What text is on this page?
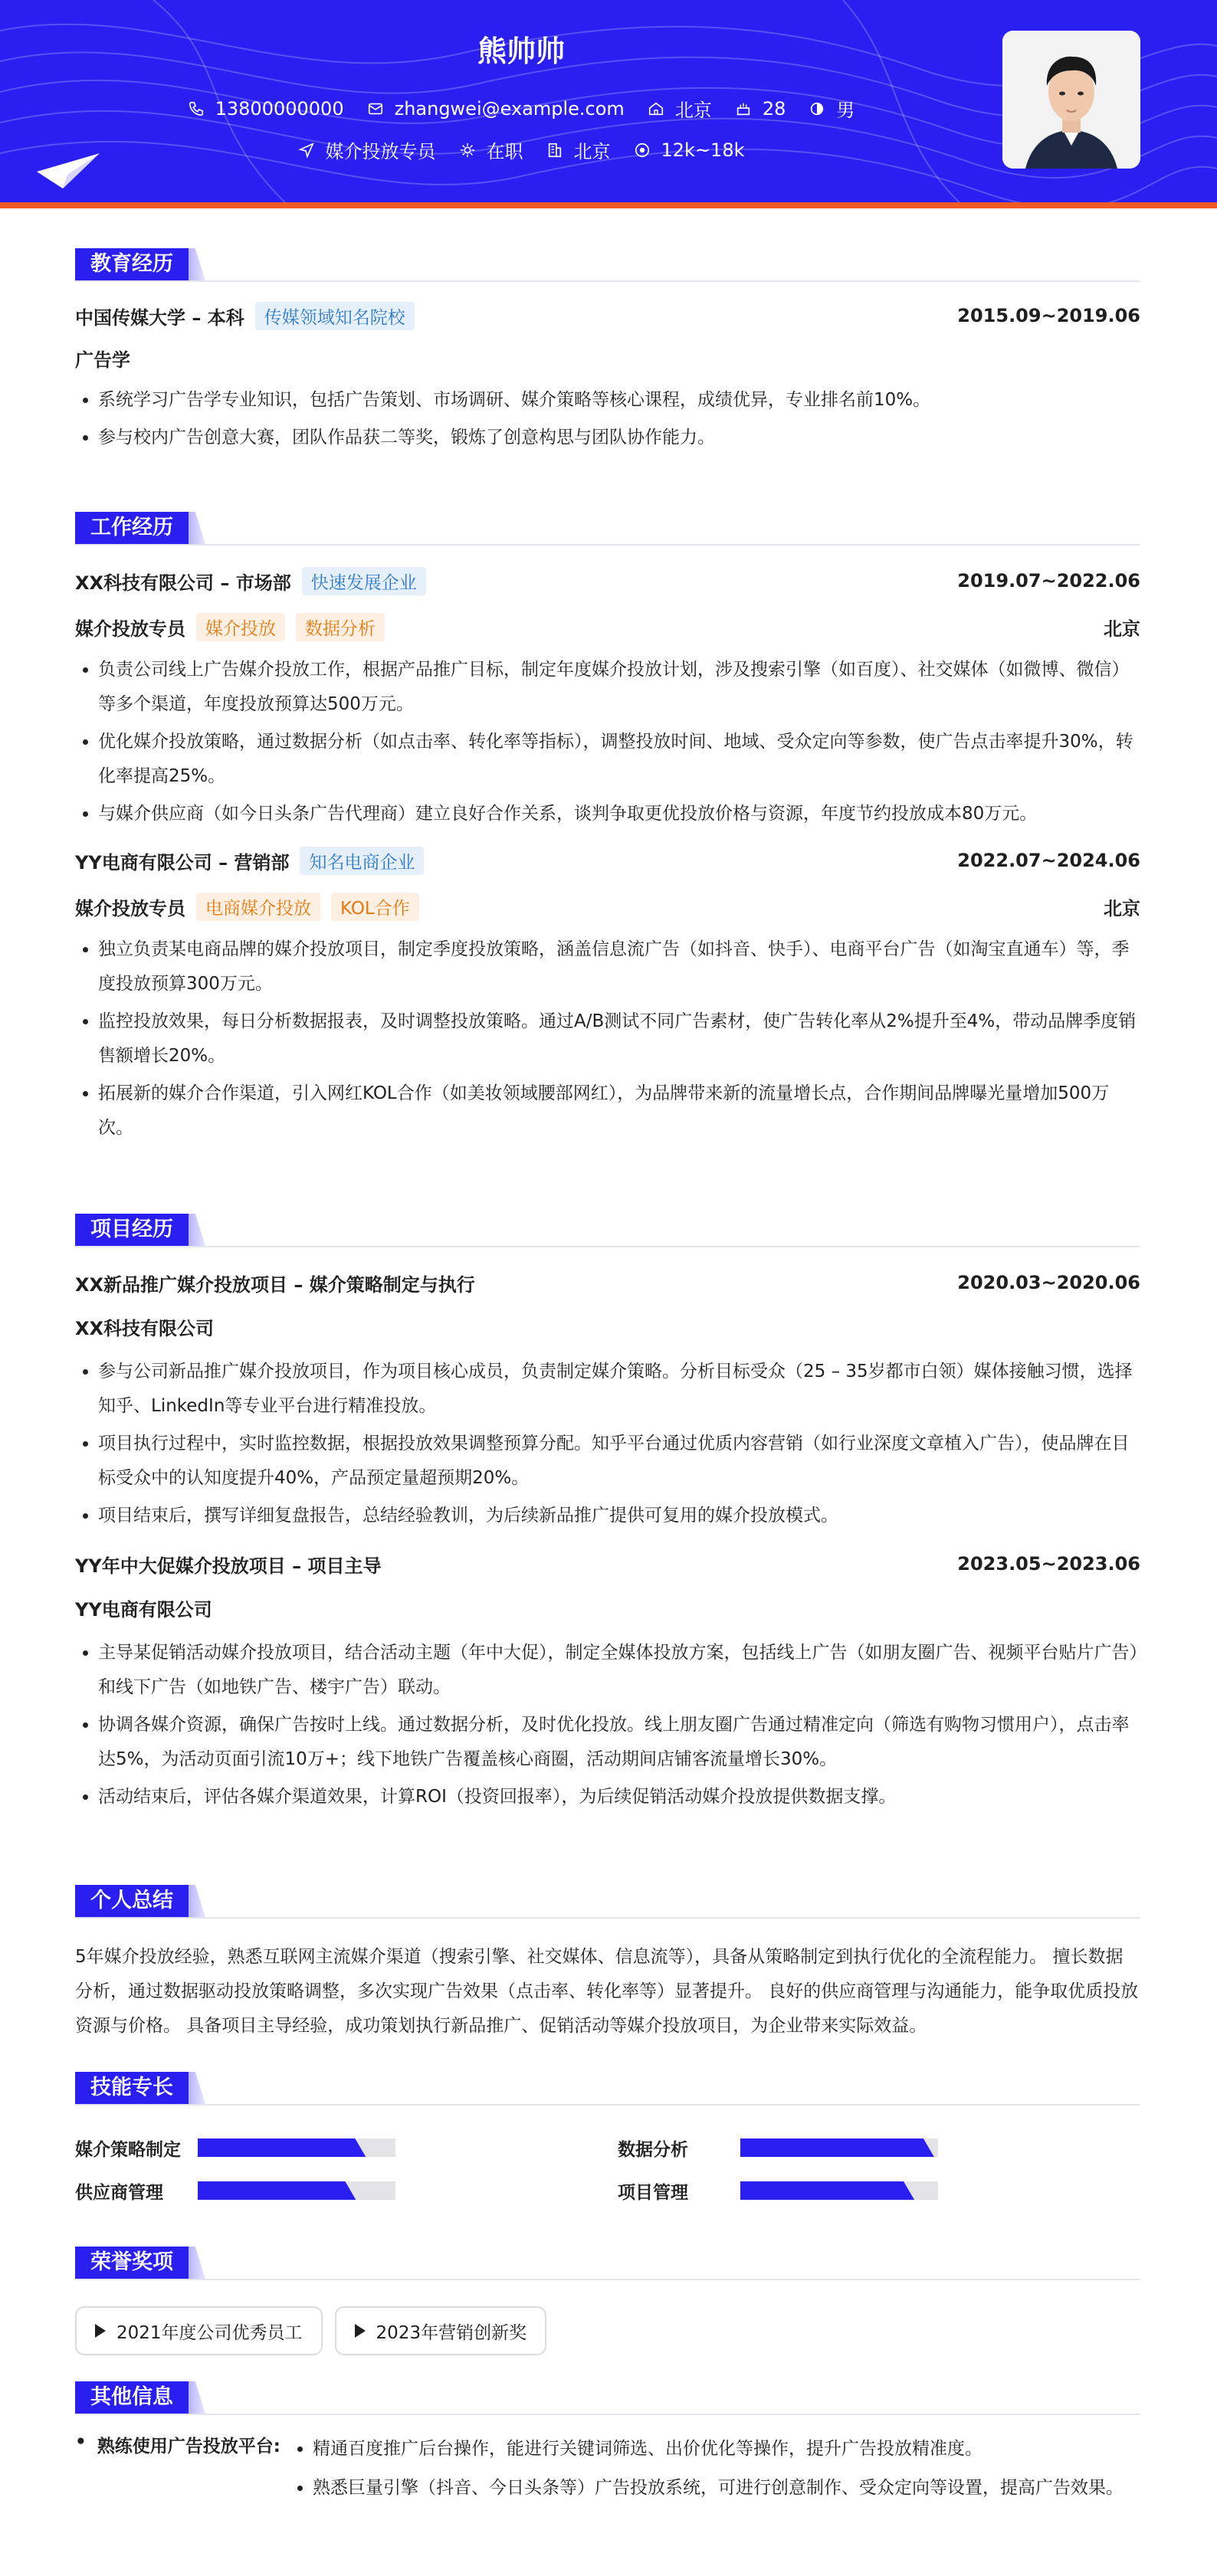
熊帅帅
13800000000	zhangwei@example.com	北京	28	男
媒介投放专员	在职	北京	12k~18k
教育经历
中国传媒大学 – 本科	传媒领域知名院校	2015.09~2019.06
广告学
• 系统学习广告学专业知识，包括广告策划、市场调研、媒介策略等核心课程，成绩优异，专业排名前10%。
• 参与校内广告创意大赛，团队作品获二等奖，锻炼了创意构思与团队协作能力。
工作经历
XX科技有限公司 – 市场部	快速发展企业	2019.07~2022.06
媒介投放专员	媒介投放	数据分析	北京
• 负责公司线上广告媒介投放工作，根据产品推广目标，制定年度媒介投放计划，涉及搜索引擎（如百度）、社交媒体（如微博、微信）等多个渠道，年度投放预算达500万元。
• 优化媒介投放策略，通过数据分析（如点击率、转化率等指标），调整投放时间、地域、受众定向等参数，使广告点击率提升30%，转化率提高25%。
• 与媒介供应商（如今日头条广告代理商）建立良好合作关系，谈判争取更优投放价格与资源，年度节约投放成本80万元。
YY电商有限公司 – 营销部	知名电商企业	2022.07~2024.06
媒介投放专员	电商媒介投放	KOL合作	北京
• 独立负责某电商品牌的媒介投放项目，制定季度投放策略，涵盖信息流广告（如抖音、快手）、电商平台广告（如淘宝直通车）等，季度投放预算300万元。
• 监控投放效果，每日分析数据报表，及时调整投放策略。通过A/B测试不同广告素材，使广告转化率从2%提升至4%，带动品牌季度销售额增长20%。
• 拓展新的媒介合作渠道，引入网红KOL合作（如美妆领域腰部网红），为品牌带来新的流量增长点，合作期间品牌曝光量增加500万次。
项目经历
XX新品推广媒介投放项目 – 媒介策略制定与执行	2020.03~2020.06
XX科技有限公司
• 参与公司新品推广媒介投放项目，作为项目核心成员，负责制定媒介策略。分析目标受众（25 – 35岁都市白领）媒体接触习惯，选择知乎、LinkedIn等专业平台进行精准投放。
• 项目执行过程中，实时监控数据，根据投放效果调整预算分配。知乎平台通过优质内容营销（如行业深度文章植入广告），使品牌在目标受众中的认知度提升40%，产品预定量超预期20%。
• 项目结束后，撰写详细复盘报告，总结经验教训，为后续新品推广提供可复用的媒介投放模式。
YY年中大促媒介投放项目 – 项目主导	2023.05~2023.06
YY电商有限公司
• 主导某促销活动媒介投放项目，结合活动主题（年中大促），制定全媒体投放方案，包括线上广告（如朋友圈广告、视频平台贴片广告）和线下广告（如地铁广告、楼宇广告）联动。
• 协调各媒介资源，确保广告按时上线。通过数据分析，及时优化投放。线上朋友圈广告通过精准定向（筛选有购物习惯用户），点击率达5%，为活动页面引流10万+；线下地铁广告覆盖核心商圈，活动期间店铺客流量增长30%。
• 活动结束后，评估各媒介渠道效果，计算ROI（投资回报率），为后续促销活动媒介投放提供数据支撑。
个人总结
5年媒介投放经验，熟悉互联网主流媒介渠道（搜索引擎、社交媒体、信息流等），具备从策略制定到执行优化的全流程能力。 擅长数据分析，通过数据驱动投放策略调整，多次实现广告效果（点击率、转化率等）显著提升。 良好的供应商管理与沟通能力，能争取优质投放资源与价格。 具备项目主导经验，成功策划执行新品推广、促销活动等媒介投放项目，为企业带来实际效益。
技能专长
媒介策略制定	数据分析
供应商管理	项目管理
荣誉奖项
2021年度公司优秀员工	2023年营销创新奖
其他信息
• 熟练使用广告投放平台:
• 精通百度推广后台操作，能进行关键词筛选、出价优化等操作，提升广告投放精准度。
• 熟悉巨量引擎（抖音、今日头条等）广告投放系统，可进行创意制作、受众定向等设置，提高广告效果。
